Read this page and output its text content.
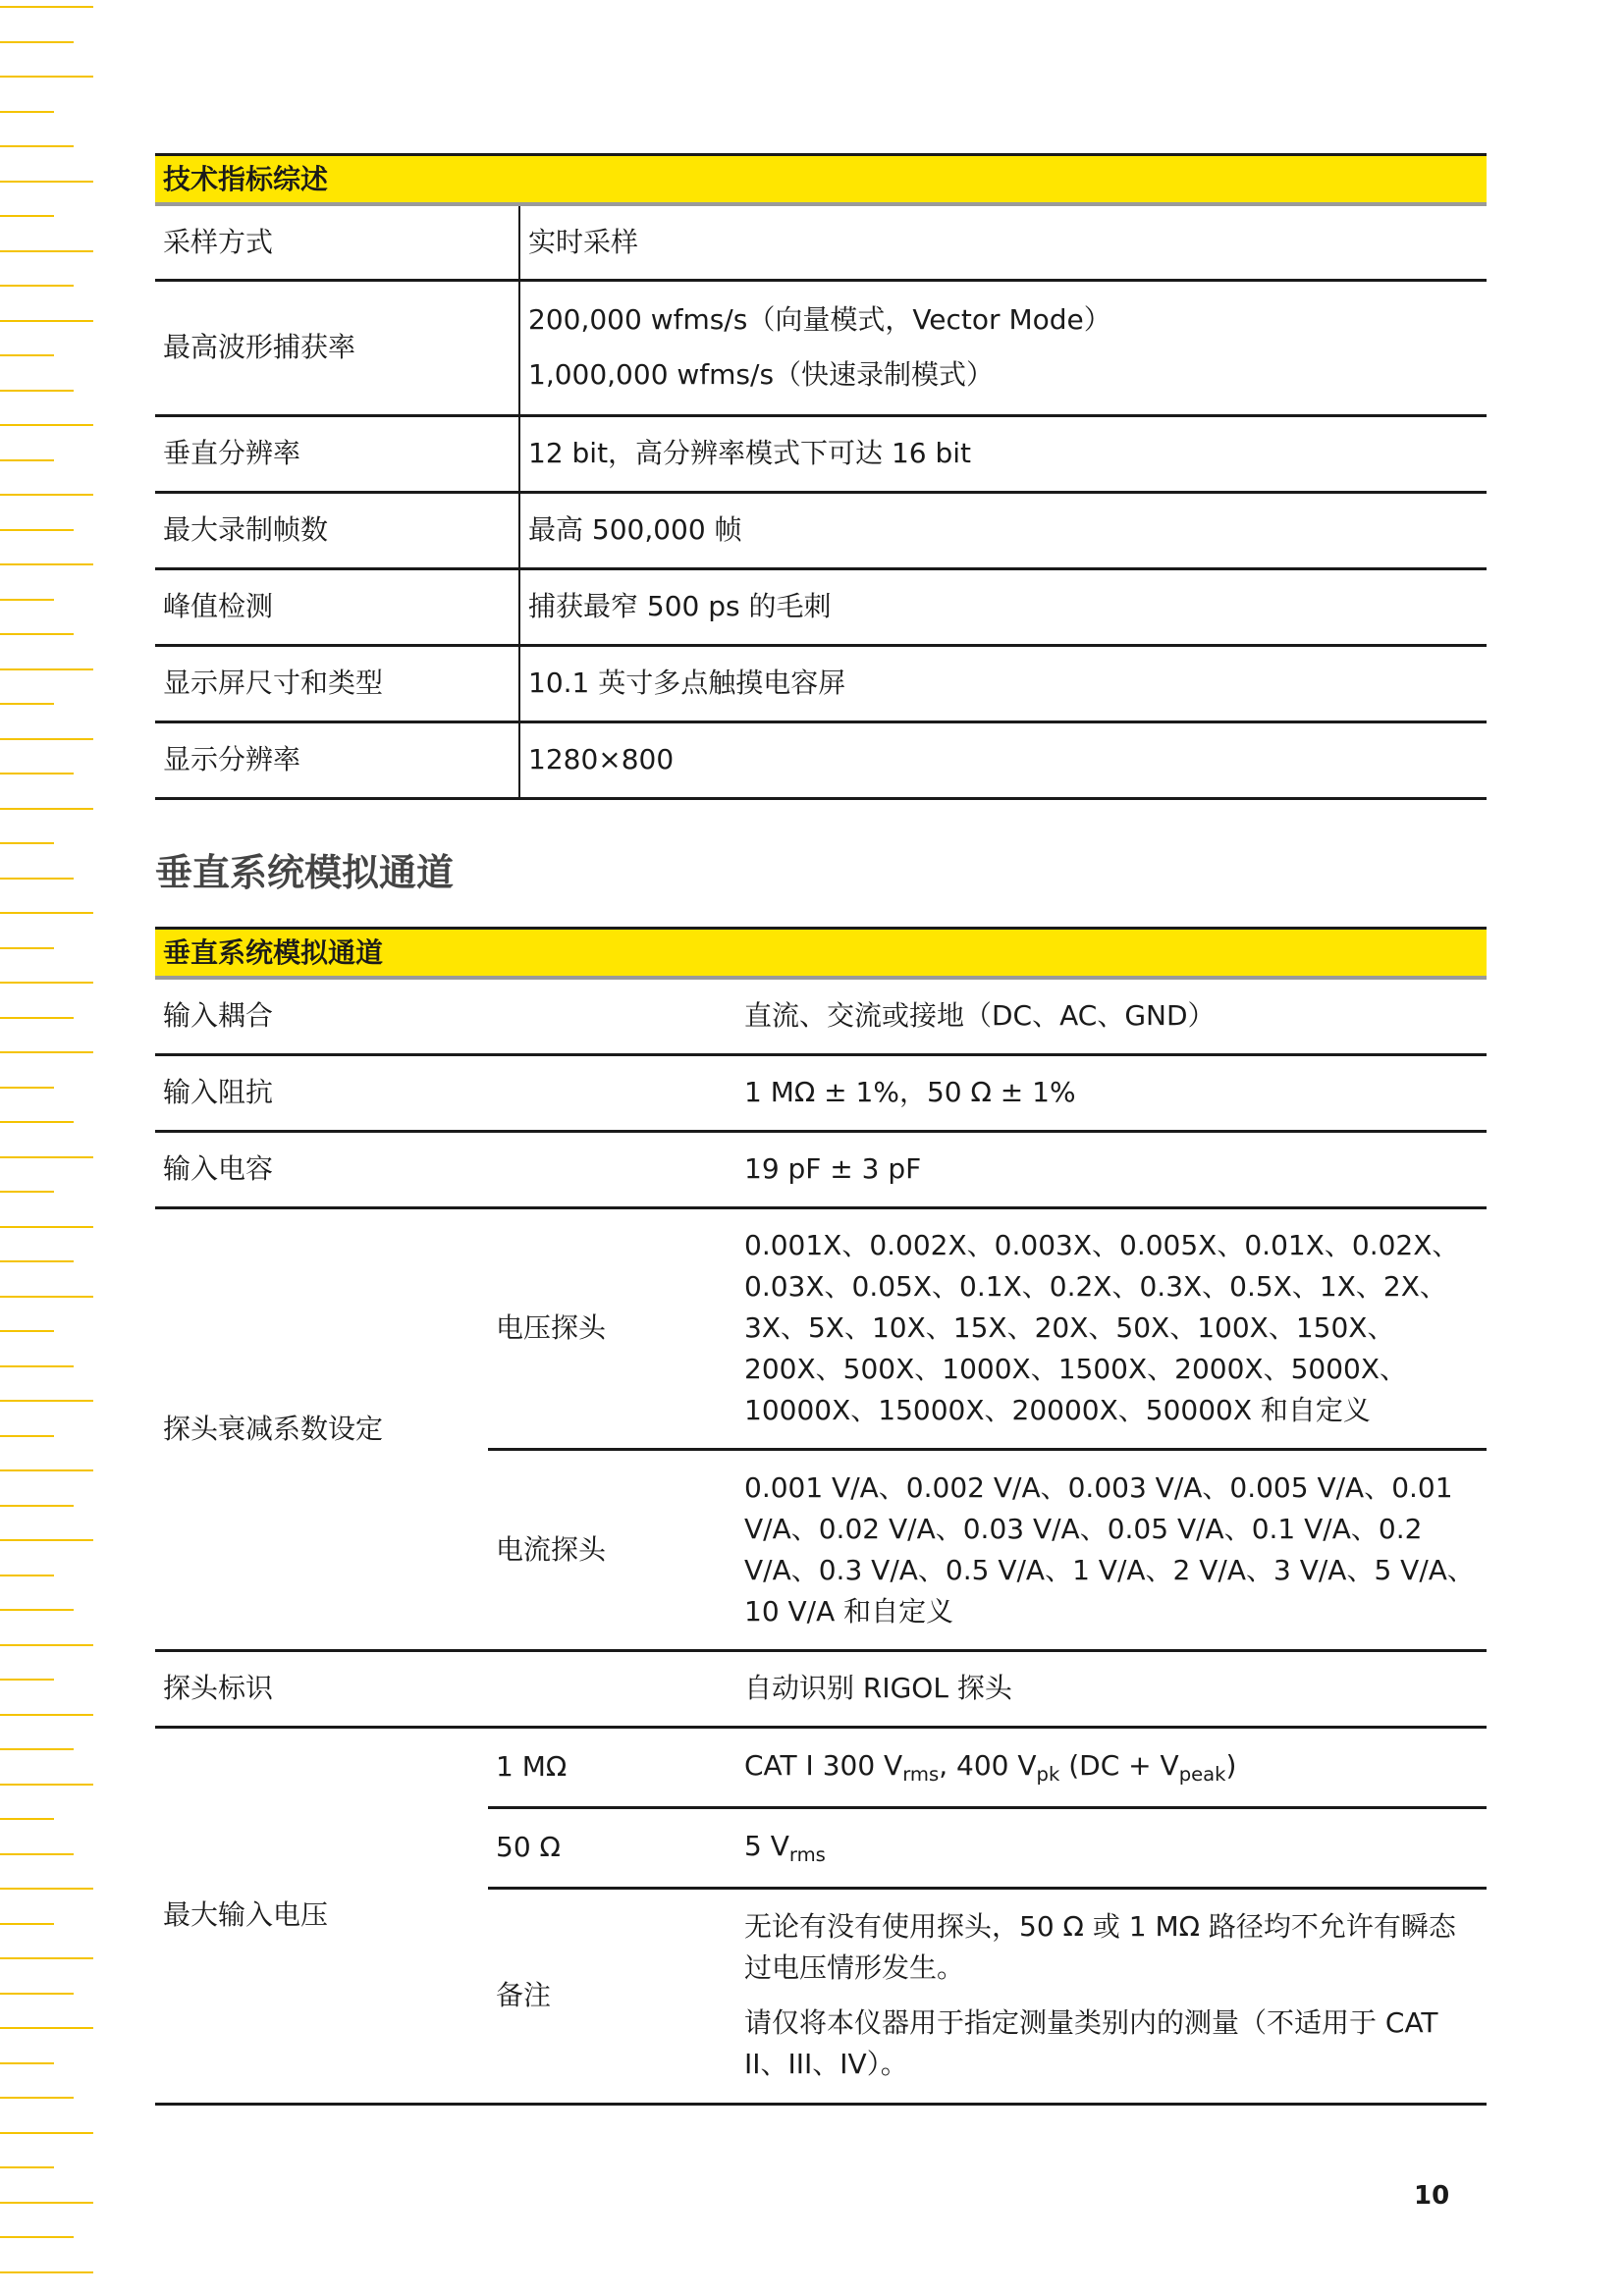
技术指标综述	
采样方式	实时采样
最高波形捕获率	200,000 wfms/s（向量模式，Vector Mode）

1,000,000 wfms/s（快速录制模式）

垂直分辨率	12 bit，高分辨率模式下可达 16 bit
最大录制帧数	最高 500,000 帧
峰值检测	捕获最窄 500 ps 的毛刺
显示屏尺寸和类型	10.1 英寸多点触摸电容屏
显示分辨率	1280×800
垂直系统模拟通道
垂直系统模拟通道		
输入耦合		直流、交流或接地（DC、AC、GND）
输入阻抗		1 MΩ ± 1%，50 Ω ± 1%
输入电容		19 pF ± 3 pF
探头衰减系数设定	电压探头	0.001X、0.002X、0.003X、0.005X、0.01X、0.02X、0.03X、0.05X、0.1X、0.2X、0.3X、0.5X、1X、2X、3X、5X、10X、15X、20X、50X、100X、150X、200X、500X、1000X、1500X、2000X、5000X、10000X、15000X、20000X、50000X 和自定义
	电流探头	0.001 V/A、0.002 V/A、0.003 V/A、0.005 V/A、0.01 V/A、0.02 V/A、0.03 V/A、0.05 V/A、0.1 V/A、0.2 V/A、0.3 V/A、0.5 V/A、1 V/A、2 V/A、3 V/A、5 V/A、10 V/A 和自定义
探头标识		自动识别 RIGOL 探头
最大输入电压	1 MΩ	CAT I 300 $V_{rms}$, 400 $V_{pk}$ $(DC + V_{peak})$
	50 Ω	5 $V_{rms}$
	备注	无论有没有使用探头，50 Ω 或 1 MΩ 路径均不允许有瞬态过电压情形发生。

请仅将本仪器用于指定测量类别内的测量（不适用于 CAT II、III、IV）。

10
